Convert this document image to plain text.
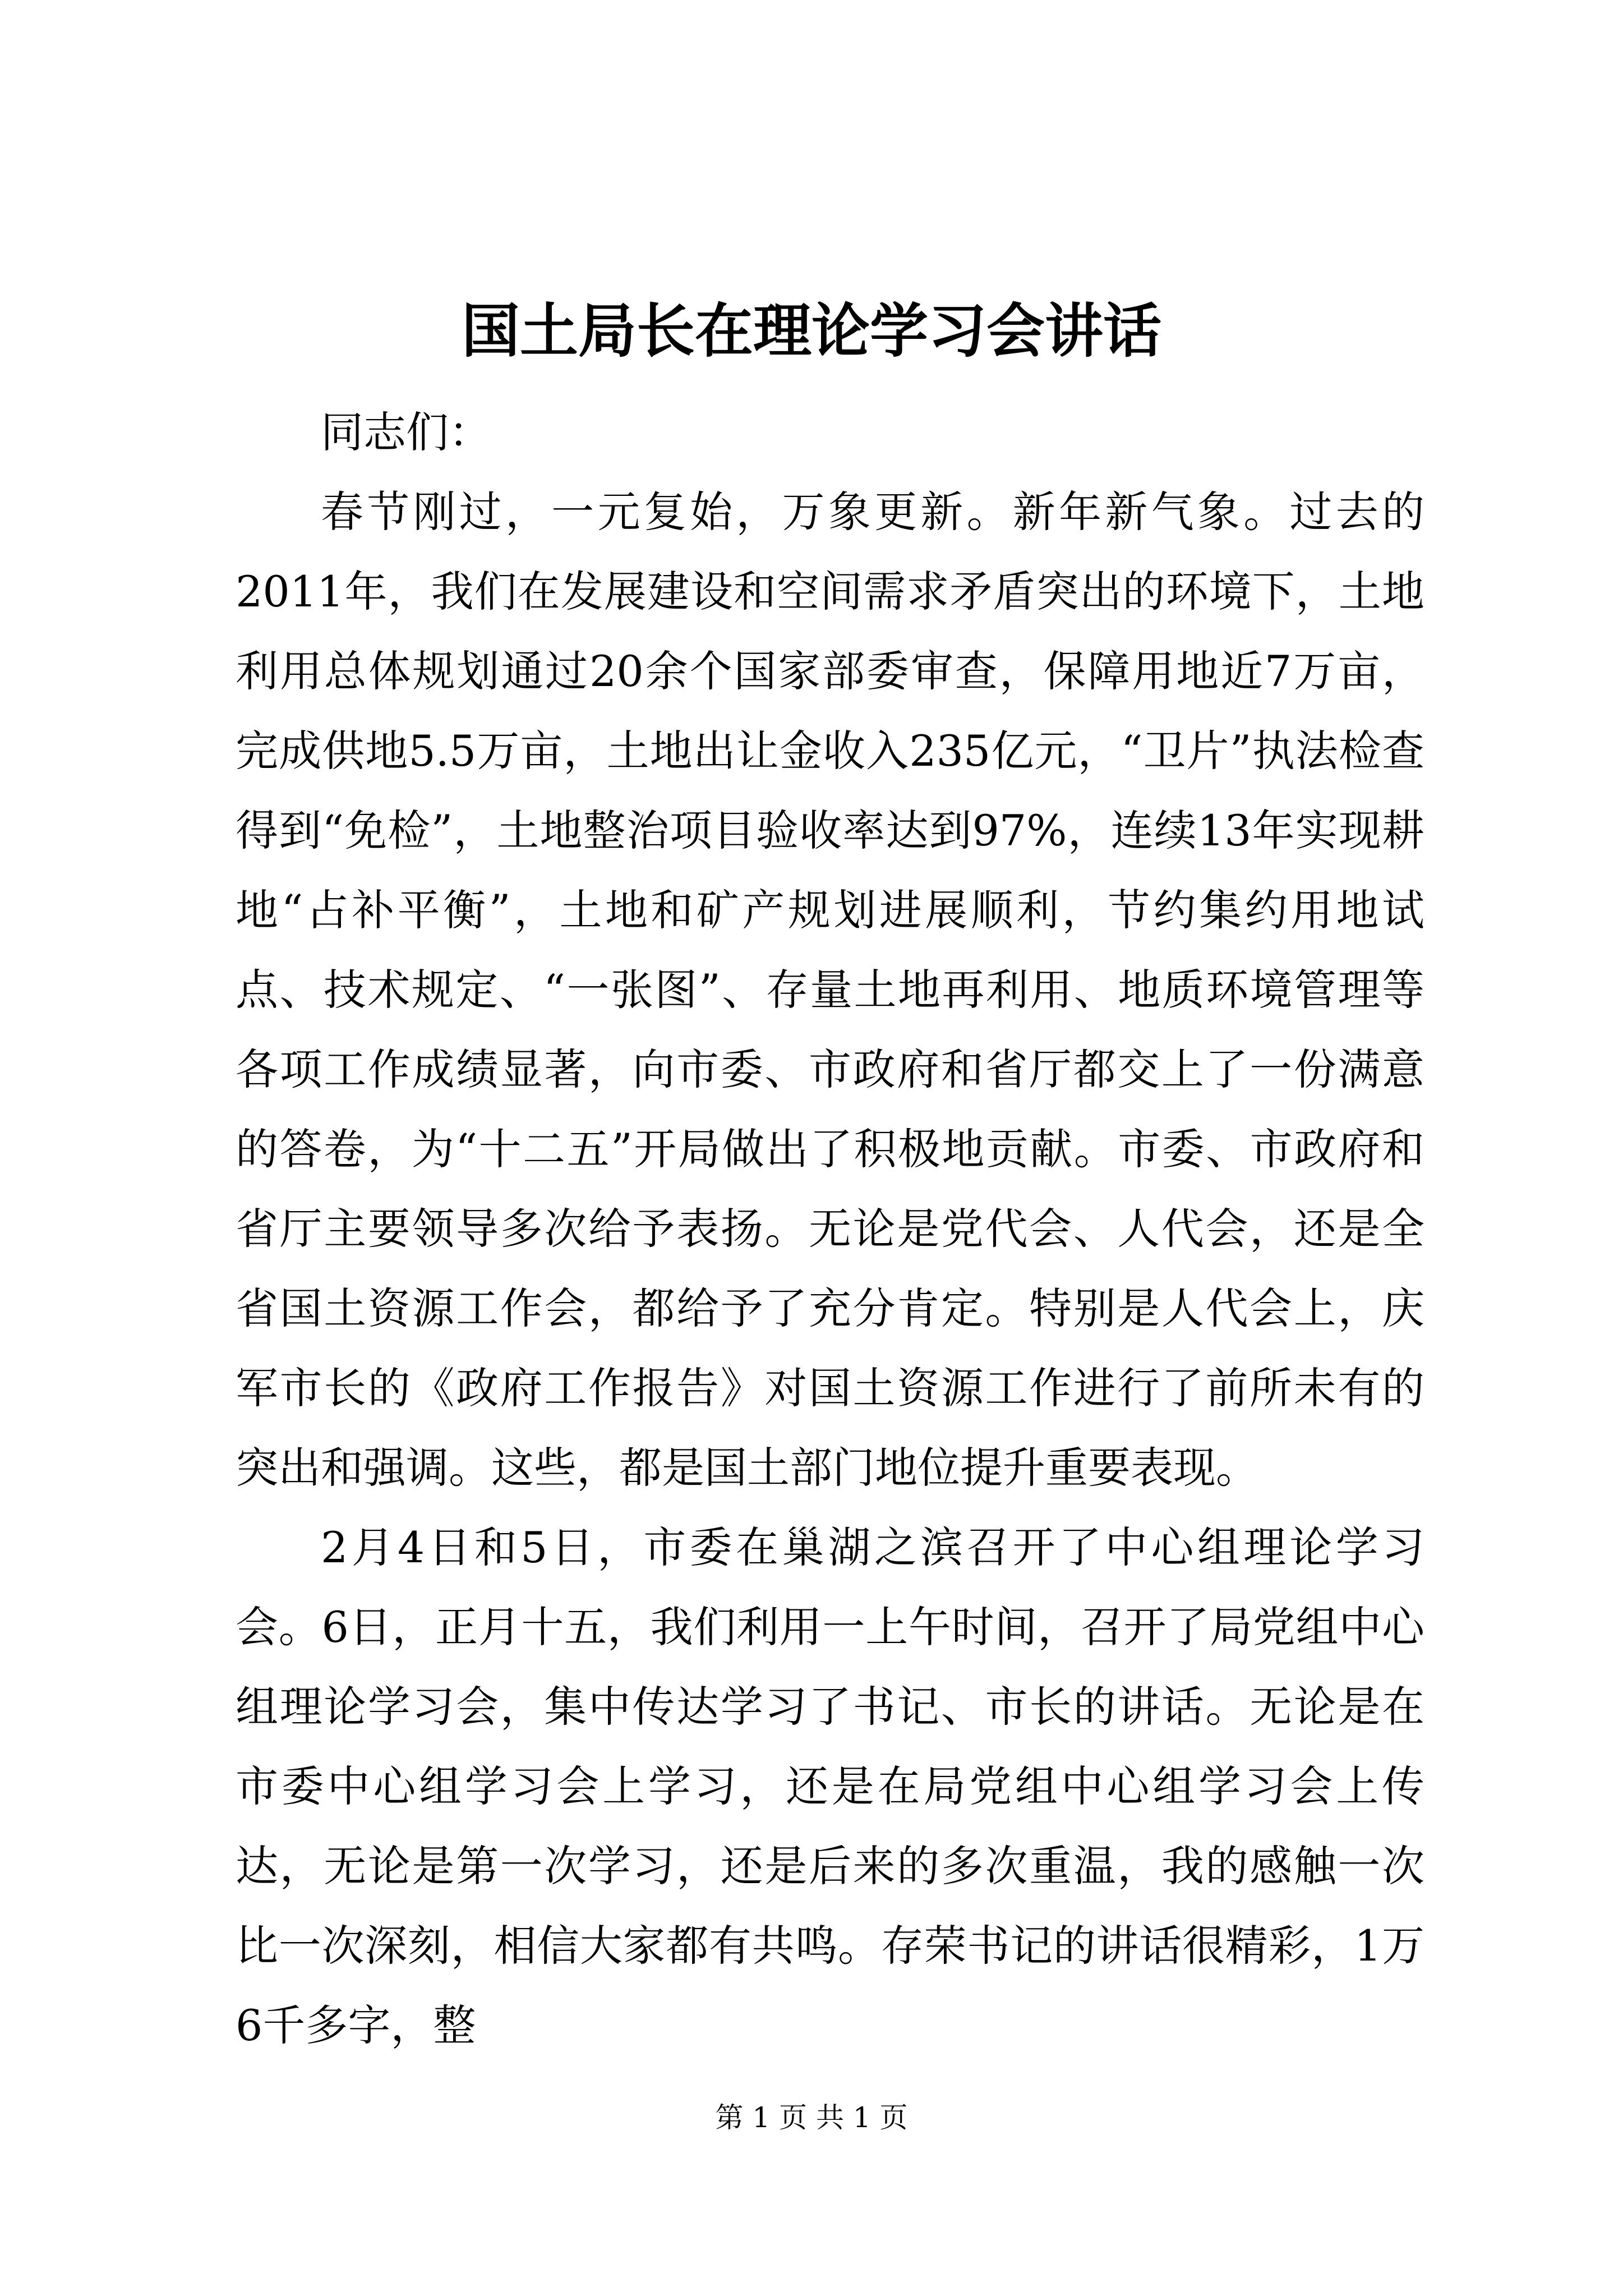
国土局长在理论学习会讲话

同志们：

春节刚过，一元复始，万象更新。新年新气象。过去的2011年，我们在发展建设和空间需求矛盾突出的环境下，土地利用总体规划通过20余个国家部委审查，保障用地近7万亩，完成供地5.5万亩，土地出让金收入235亿元，“卫片”执法检查得到“免检”，土地整治项目验收率达到97%，连续13年实现耕地“占补平衡”，土地和矿产规划进展顺利，节约集约用地试点、技术规定、“一张图”、存量土地再利用、地质环境管理等各项工作成绩显著，向市委、市政府和省厅都交上了一份满意的答卷，为“十二五”开局做出了积极地贡献。市委、市政府和省厅主要领导多次给予表扬。无论是党代会、人代会，还是全省国土资源工作会，都给予了充分肯定。特别是人代会上，庆军市长的《政府工作报告》对国土资源工作进行了前所未有的突出和强调。这些，都是国土部门地位提升重要表现。

2月4日和5日，市委在巢湖之滨召开了中心组理论学习会。6日，正月十五，我们利用一上午时间，召开了局党组中心组理论学习会，集中传达学习了书记、市长的讲话。无论是在市委中心组学习会上学习，还是在局党组中心组学习会上传达，无论是第一次学习，还是后来的多次重温，我的感触一次比一次深刻，相信大家都有共鸣。存荣书记的讲话很精彩，1万6千多字，整

第 1 页 共 1 页
